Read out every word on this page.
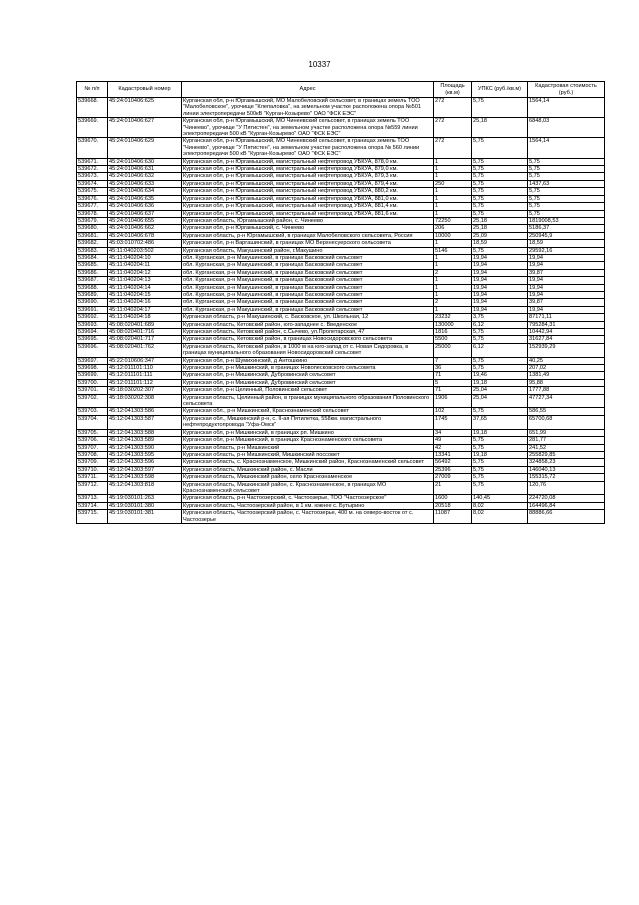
10337
№ п/п	Кадастровый номер	Адрес	Площадь (кв.м)	УПКС (руб./кв.м)	Кадастровая стоимость (руб.)
539668.	45:24:010406:625	Курганская обл, р-н Юргамышский, МО Малобеловский сельсовет, в границах земель ТОО "Малобеловское", урочище "Клепаловка", на земельном участке расположена опора №501 линии электропередачи 500кВ "Курган-Козырево" ОАО "ФСК ЕЭС"	272	5,75	1564,14
539669.	45:24:010406:627	Курганская обл, р-н Юргамышский, МО Чинеевский сельсовет, в границах земель ТОО "Чинеево", урочище "У Пятистен", на земельном участке расположена опора №559 линии электропередачи 500 кВ "Курган-Козырево" ОАО "ФСК ЕЭС"	272	25,18	6848,03
539670.	45:24:010406:629	Курганская обл, р-н Юргамышский, МО Чинеевский сельсовет, в границах земель ТОО "Чинеево", урочище "У Пятистен", на земельном участке расположена опора № 560 линии электропередачи 500 кВ "Курган-Козырево" ОАО "ФСК ЕЭС"	272	5,75	1564,14
539671.	45:24:010406:630	Курганская обл, р-н Юргамышский, магистральный нефтепровод УБКУА, 878,0 км.	1	5,75	5,75
539672.	45:24:010406:631	Курганская обл, р-н Юргамышский, магистральный нефтепровод УБКУА, 879,0 км.	1	5,75	5,75
539673.	45:24:010406:632	Курганская обл, р-н Юргамышский, магистральный нефтепровод УБКУА, 879,3 км.	1	5,75	5,75
539674.	45:24:010406:633	Курганская обл, р-н Юргамышский, магистральный нефтепровод УБКУА, 879,4 км.	250	5,75	1437,63
539675.	45:24:010406:634	Курганская обл, р-н Юргамышский, магистральный нефтепровод УБКУА, 880,2 км.	1	5,75	5,75
539676.	45:24:010406:635	Курганская обл, р-н Юргамышский, магистральный нефтепровод УБКУА, 881,0 км.	1	5,75	5,75
539677.	45:24:010406:636	Курганская обл, р-н Юргамышский, магистральный нефтепровод УБКУА, 881,4 км.	1	5,75	5,75
539678.	45:24:010406:637	Курганская обл, р-н Юргамышский, магистральный нефтепровод УБКУА, 881,6 км.	1	5,75	5,75
539679.	45:24:010406:655	Курганская область, Юргамышский район, с. Чинеево	72250	25,18	1819008,53
539680.	45:24:010406:662	Курганская обл, р-н Юргамышский, с. Чинеево	206	25,18	5186,37
539681.	45:24:010406:678	Курганская область, р-н Юргамышский, в границах Малобеловского сельсовета, Россия	10000	25,09	250945,9
539682.	45:03:010702:486	Курганская обл, р-н Варгашинский, в границах МО Верхнесуерского сельсовета	1	18,59	18,59
539683.	45:11:040203:502	Курганская область, Макушинский район, г.Макушино	5146	5,75	29592,16
539684.	45:11:040204:10	обл. Курганская, р-н Макушинский, в границах Басковский сельсовет	1	19,94	19,94
539685.	45:11:040204:11	обл. Курганская, р-н Макушинский, в границах Басковский сельсовет	1	19,94	19,94
539686.	45:11:040204:12	обл. Курганская, р-н Макушинский, в границах Басковский сельсовет	2	19,94	39,87
539687.	45:11:040204:13	обл. Курганская, р-н Макушинский, в границах Басковский сельсовет	1	19,94	19,94
539688.	45:11:040204:14	обл. Курганская, р-н Макушинский, в границах Басковский сельсовет	1	19,94	19,94
539689.	45:11:040204:15	обл. Курганская, р-н Макушинский, в границах Басковский сельсовет	1	19,94	19,94
539690.	45:11:040204:16	обл. Курганская, р-н Макушинский, в границах Басковский сельсовет	2	19,94	39,87
539691.	45:11:040204:17	обл. Курганская, р-н Макушинский, в границах Басковский сельсовет	1	19,94	19,94
539692.	45:11:040204:18	Курганская область, р-н Макушинский, с. Басковское, ул. Школьная, 12	23232	3,75	87171,11
539693.	45:08:020401:689	Курганская область, Кетовский район, юго-западнее с. Введенское	130000	6,12	795284,31
539694.	45:08:020401:716	Курганская область, Кетовский район, с.Сычево, ул.Пролетарская, 47	1816	5,75	10442,94
539695.	45:08:020401:717	Курганская область, Кетовский район, в границах Новосидоровского сельсовета	5500	5,75	31627,84
539696.	45:08:020401:762	Курганская область, Кетовский район, в 1000 м на юго-запад от с. Новая Сидоровка, в границах муниципального образования Новосидоровский сельсовет	25000	6,12	152939,29
539697.	45:22:010606:347	Курганская обл, р-н Шумихинский, д Антошкино	7	5,75	40,25
539698.	45:12:011101:110	Курганская обл, р-н Мишкинский, в границах Новопесковского сельсовета	36	5,75	207,02
539699.	45:12:011101:111	Курганская обл, р-н Мишкинский, Дубровинский сельсовет	71	19,46	1381,49
539700.	45:12:011101:112	Курганская обл, р-н Мишкинский, Дубровинский сельсовет	5	19,18	95,88
539701.	45:18:030202:307	Курганская обл, р-н Целинный, Половинский сельсовет	71	25,04	1777,88
539702.	45:18:030202:308	Курганская область, Целинный район, в границах муниципального образования Половинского сельсовета	1906	25,04	47727,34
539703.	45:12:041303:586	Курганская обл., р-н Мишкинский, Краснознаменский сельсовет	102	5,75	586,55
539704.	45:12:041303:587	Курганская обл., Мишкинский р-н, с. II-ая Пятилетка, 558км. магистрального нефтепродуктопровода "Уфа-Омск"	1745	37,65	65700,68
539705.	45:12:041303:588	Курганская обл, р-н Мишкинский, в границах рп. Мишкино	34	19,18	651,99
539706.	45:12:041303:589	Курганская обл, р-н Мишкинский, в границах Краснознаменского сельсовета	49	5,75	281,77
539707.	45:12:041303:590	Курганская область, р-н Мишкинский	42	5,75	241,52
539708.	45:12:041303:595	Курганская область, р-н Мишкинский, Мишкинский поссовет	13341	19,18	255829,85
539709.	45:12:041303:596	Курганская область, с. Краснознаменское, Мишкинский район, Краснознаменский сельсовет	56492	5,75	324858,23
539710.	45:12:041303:597	Курганская область, Мишкинский район, с. Масли	25396	5,75	146040,13
539711.	45:12:041303:598	Курганская область, Мишкинский район, село Краснознаменское	27009	5,75	155315,72
539712.	45:12:041303:818	Курганская область, Мишкинский район, с. Краснознаменское, в границах МО Краснознаменский сельсовет	21	5,75	120,76
539713.	45:19:030101:263	Курганская область, р-н Частоозерский, с. Частоозерье, ТОО "Частоозерское"	1600	140,45	224720,08
539714.	45:19:030101:380	Курганская область, Частоозерский район, в 1 км. южнее с. Бутырино	20518	8,02	164496,84
539715.	45:19:030101:381	Курганская область, Частоозерский район, с. Частоозерье, 400 м. на северо-восток от с. Частоозерье	11087	8,02	88886,66
